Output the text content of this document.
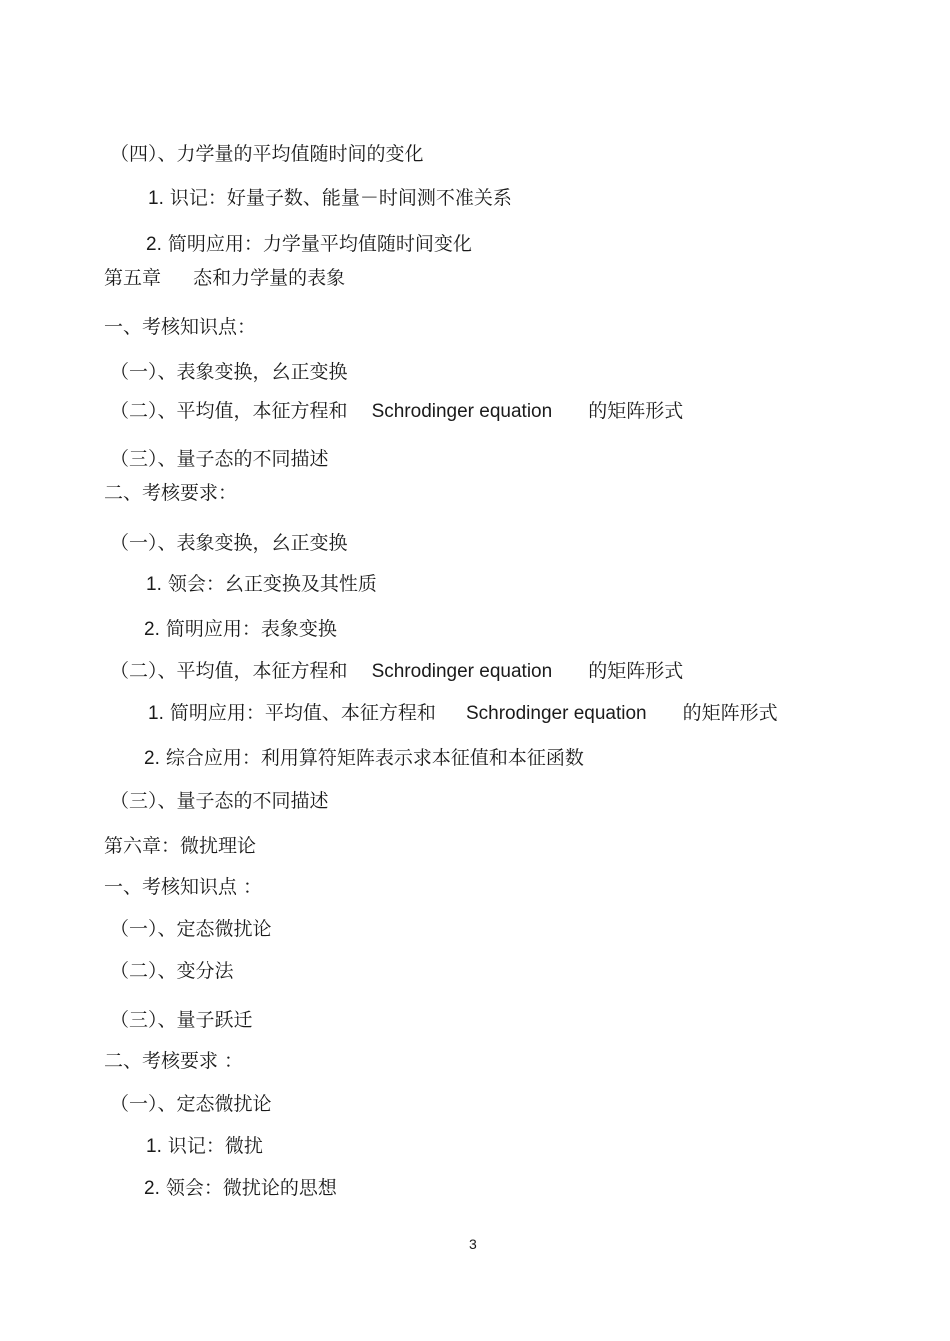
（四）、力学量的平均值随时间的变化
1. 识记：好量子数、能量－时间测不准关系
2. 简明应用：力学量平均值随时间变化
第五章 态和力学量的表象
一、考核知识点：
（一）、表象变换，幺正变换
（二）、平均值，本征方程和 Schrodinger equation 的矩阵形式
（三）、量子态的不同描述
二、考核要求：
（一）、表象变换，幺正变换
1. 领会：幺正变换及其性质
2. 简明应用：表象变换
（二）、平均值，本征方程和 Schrodinger equation 的矩阵形式
1. 简明应用：平均值、本征方程和 Schrodinger equation 的矩阵形式
2. 综合应用：利用算符矩阵表示求本征值和本征函数
（三）、量子态的不同描述
第六章：微扰理论
一、考核知识点 ：
（一）、定态微扰论
（二）、变分法
（三）、量子跃迁
二、考核要求 ：
（一）、定态微扰论
1. 识记：微扰
2. 领会：微扰论的思想
3
